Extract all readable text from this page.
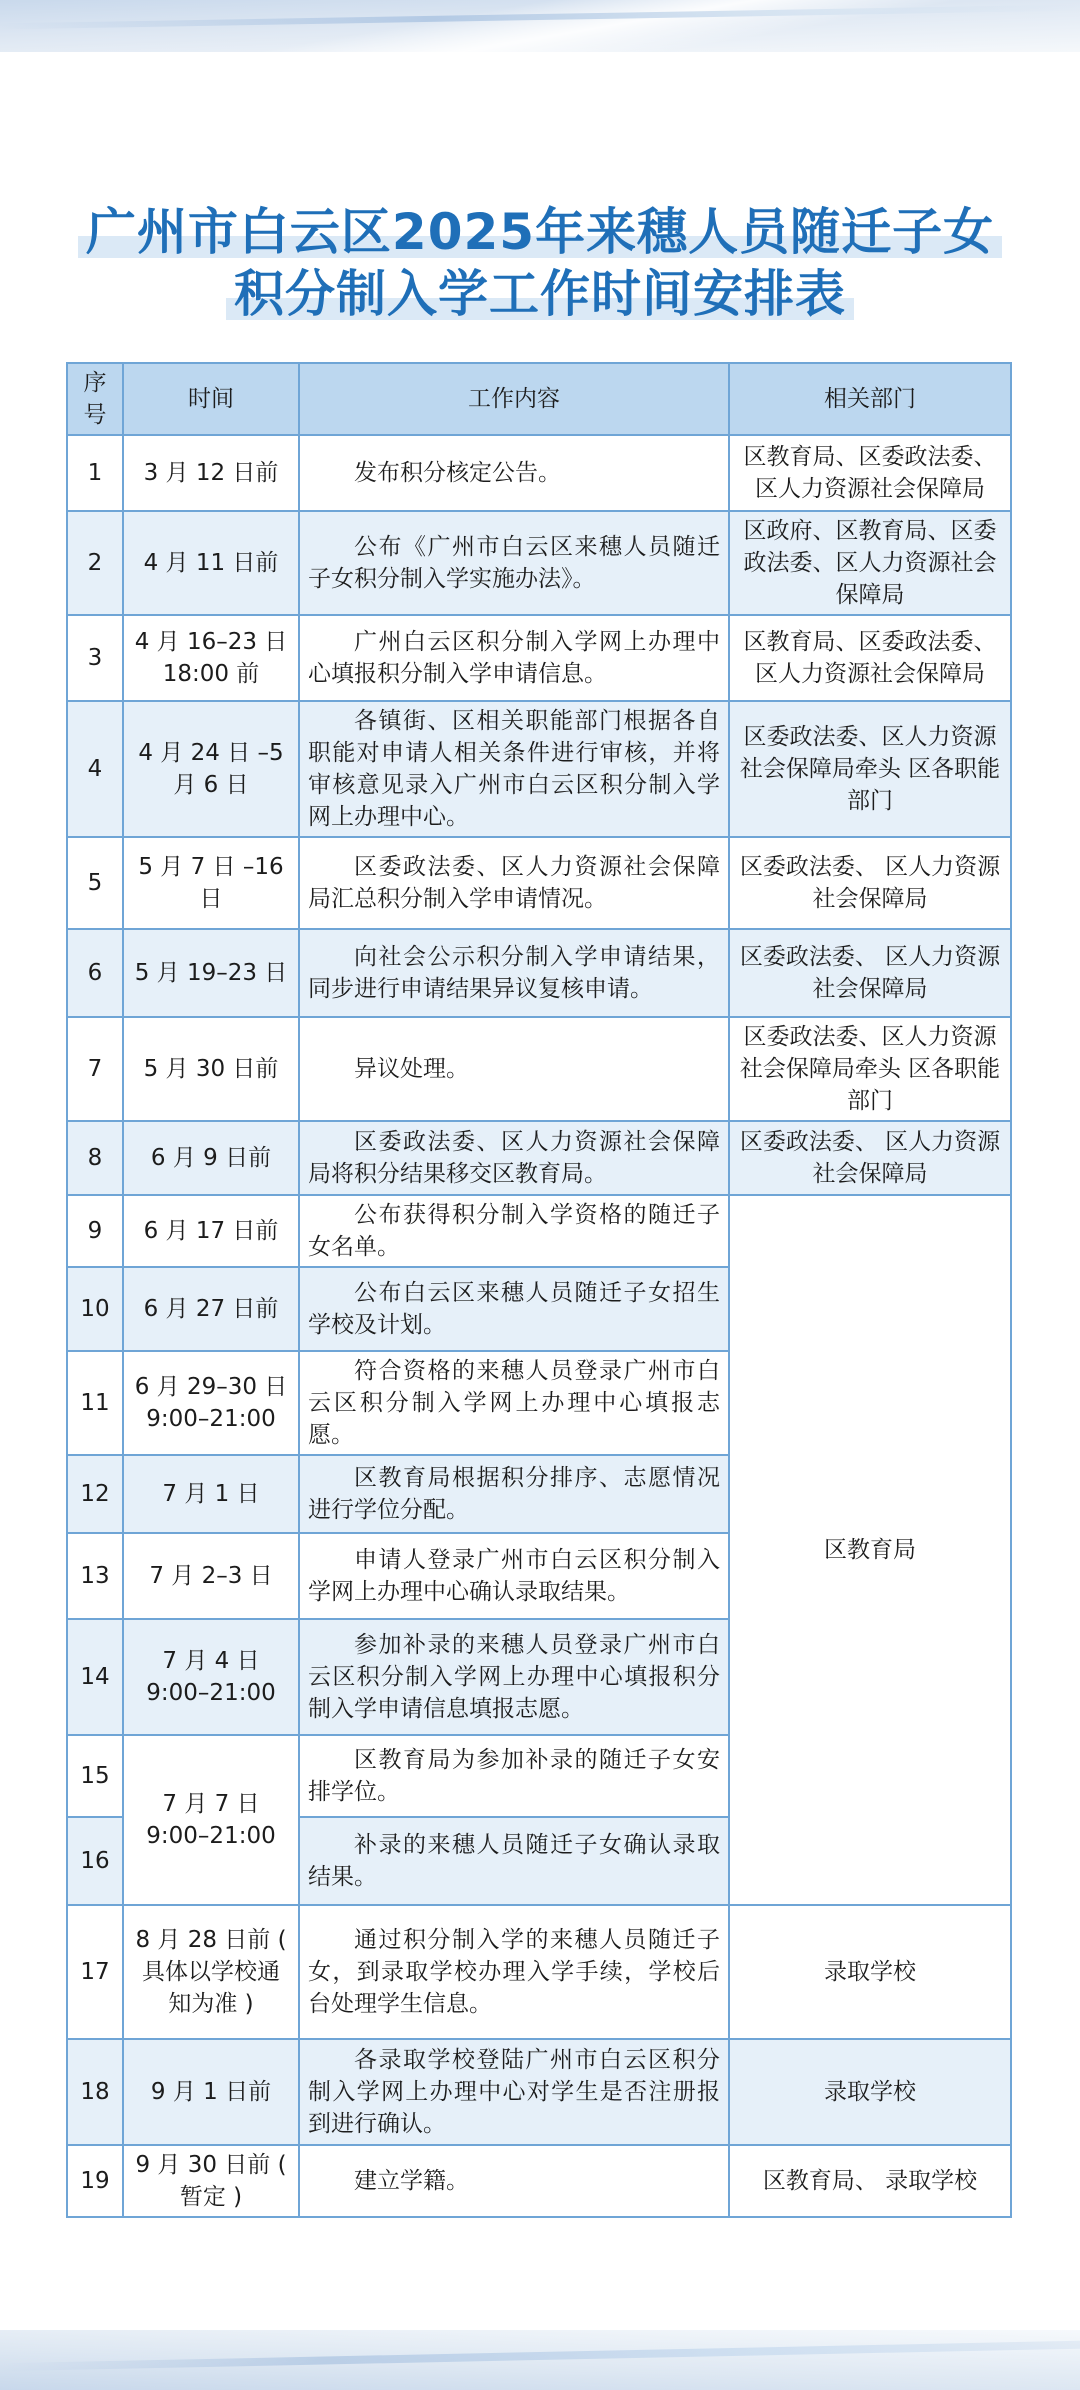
广州市白云区2025年来穗人员随迁子女
积分制入学工作时间安排表
序号	时间	工作内容	相关部门
1	3 月 12 日前	发布积分核定公告。	区教育局、区委政法委、区人力资源社会保障局
2	4 月 11 日前	公布《广州市白云区来穗人员随迁子女积分制入学实施办法》。	区政府、区教育局、区委政法委、区人力资源社会保障局
3	4 月 16–23 日 18:00 前	广州白云区积分制入学网上办理中心填报积分制入学申请信息。	区教育局、区委政法委、区人力资源社会保障局
4	4 月 24 日 –5 月 6 日	各镇街、区相关职能部门根据各自职能对申请人相关条件进行审核，并将审核意见录入广州市白云区积分制入学网上办理中心。	区委政法委、区人力资源社会保障局牵头 区各职能部门
5	5 月 7 日 –16 日	区委政法委、区人力资源社会保障局汇总积分制入学申请情况。	区委政法委、 区人力资源社会保障局
6	5 月 19–23 日	向社会公示积分制入学申请结果，同步进行申请结果异议复核申请。	区委政法委、 区人力资源社会保障局
7	5 月 30 日前	异议处理。	区委政法委、区人力资源社会保障局牵头 区各职能部门
8	6 月 9 日前	区委政法委、区人力资源社会保障局将积分结果移交区教育局。	区委政法委、 区人力资源社会保障局
9	6 月 17 日前	公布获得积分制入学资格的随迁子女名单。	区教育局
10	6 月 27 日前	公布白云区来穗人员随迁子女招生学校及计划。	
11	6 月 29–30 日 9:00–21:00	符合资格的来穗人员登录广州市白云区积分制入学网上办理中心填报志愿。	
12	7 月 1 日	区教育局根据积分排序、志愿情况进行学位分配。	
13	7 月 2–3 日	申请人登录广州市白云区积分制入学网上办理中心确认录取结果。	
14	7 月 4 日 9:00–21:00	参加补录的来穗人员登录广州市白云区积分制入学网上办理中心填报积分制入学申请信息填报志愿。	
15	7 月 7 日 9:00–21:00	区教育局为参加补录的随迁子女安排学位。	
16		补录的来穗人员随迁子女确认录取结果。	
17	8 月 28 日前 ( 具体以学校通知为准 )	通过积分制入学的来穗人员随迁子女，到录取学校办理入学手续，学校后台处理学生信息。	录取学校
18	9 月 1 日前	各录取学校登陆广州市白云区积分制入学网上办理中心对学生是否注册报到进行确认。	录取学校
19	9 月 30 日前 ( 暂定 )	建立学籍。	区教育局、 录取学校
